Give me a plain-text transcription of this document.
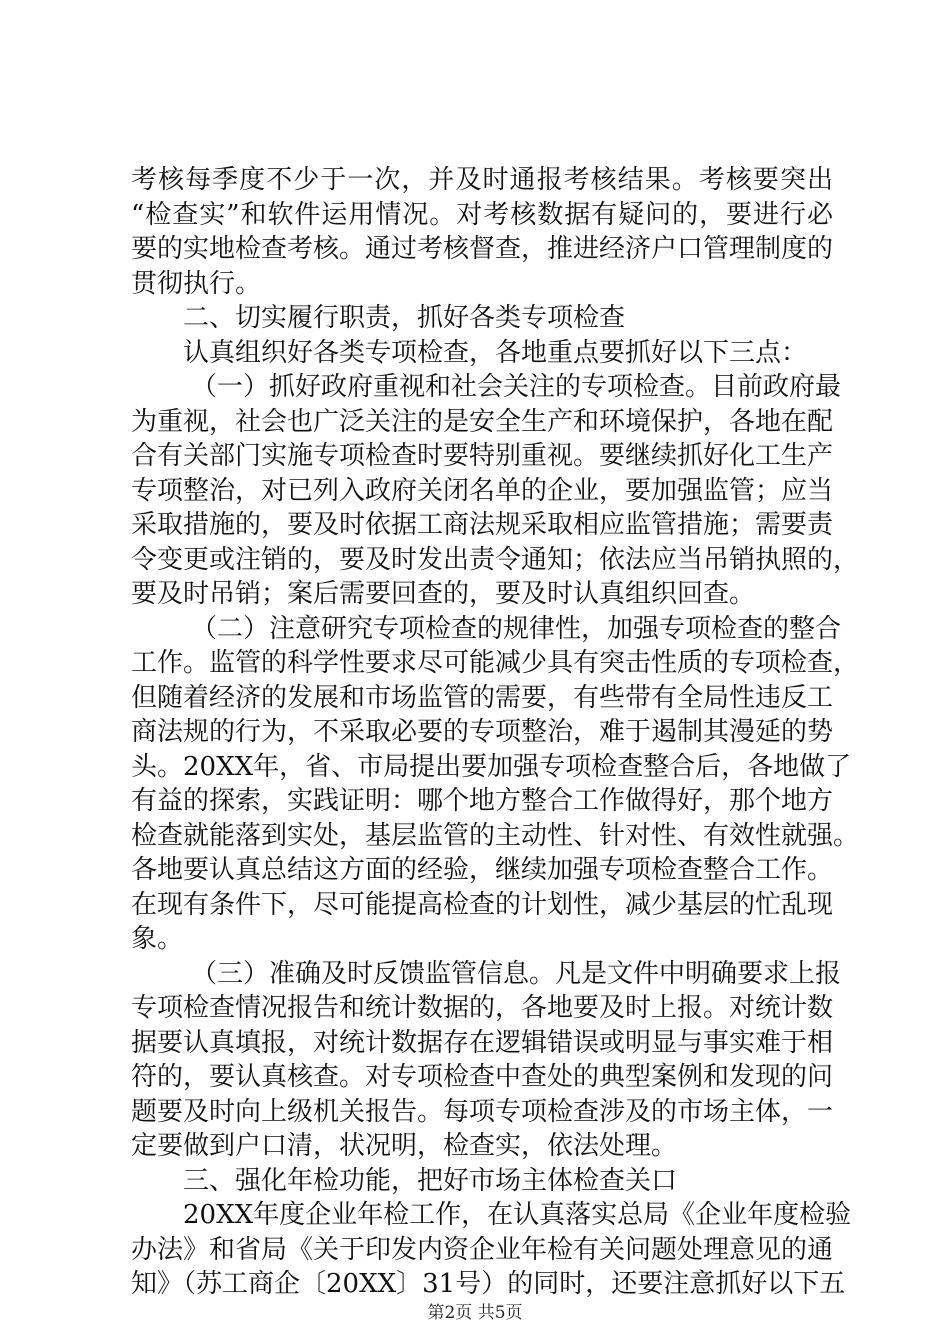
考核每季度不少于一次，并及时通报考核结果。考核要突出
“检查实”和软件运用情况。对考核数据有疑问的，要进行必
要的实地检查考核。通过考核督查，推进经济户口管理制度的
贯彻执行。
二、切实履行职责，抓好各类专项检查
认真组织好各类专项检查，各地重点要抓好以下三点：
（一）抓好政府重视和社会关注的专项检查。目前政府最
为重视，社会也广泛关注的是安全生产和环境保护，各地在配
合有关部门实施专项检查时要特别重视。要继续抓好化工生产
专项整治，对已列入政府关闭名单的企业，要加强监管；应当
采取措施的，要及时依据工商法规采取相应监管措施；需要责
令变更或注销的，要及时发出责令通知；依法应当吊销执照的，
要及时吊销；案后需要回查的，要及时认真组织回查。
（二）注意研究专项检查的规律性，加强专项检查的整合
工作。监管的科学性要求尽可能减少具有突击性质的专项检查，
但随着经济的发展和市场监管的需要，有些带有全局性违反工
商法规的行为，不采取必要的专项整治，难于遏制其漫延的势
头。20XX年，省、市局提出要加强专项检查整合后，各地做了
有益的探索，实践证明：哪个地方整合工作做得好，那个地方
检查就能落到实处，基层监管的主动性、针对性、有效性就强。
各地要认真总结这方面的经验，继续加强专项检查整合工作。
在现有条件下，尽可能提高检查的计划性，减少基层的忙乱现
象。
（三）准确及时反馈监管信息。凡是文件中明确要求上报
专项检查情况报告和统计数据的，各地要及时上报。对统计数
据要认真填报，对统计数据存在逻辑错误或明显与事实难于相
符的，要认真核查。对专项检查中查处的典型案例和发现的问
题要及时向上级机关报告。每项专项检查涉及的市场主体，一
定要做到户口清，状况明，检查实，依法处理。
三、强化年检功能，把好市场主体检查关口
20XX年度企业年检工作，在认真落实总局《企业年度检验
办法》和省局《关于印发内资企业年检有关问题处理意见的通
知》（苏工商企〔20XX〕31号）的同时，还要注意抓好以下五
第2页 共5页
